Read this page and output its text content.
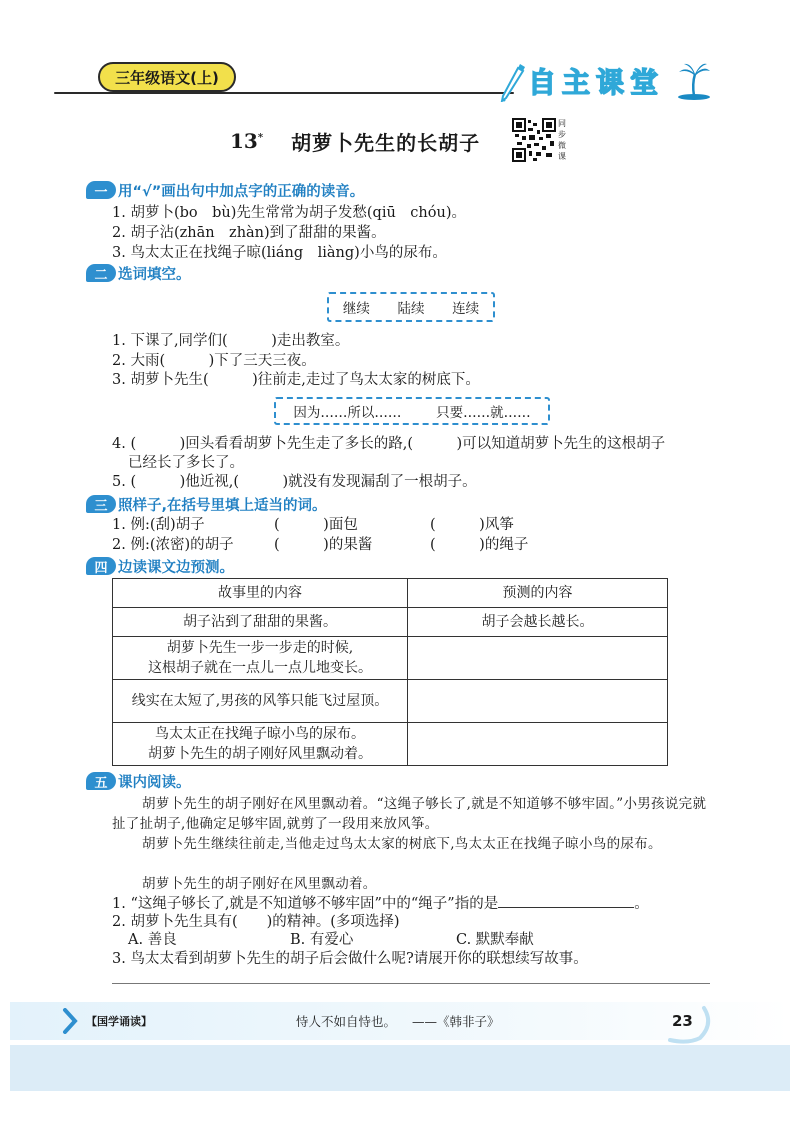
三年级语文(上)	自主课堂
13* 胡萝卜先生的长胡子
同
步
微
课
一 用“√”画出句中加点字的正确的读音。
1. 胡萝卜(bo　bù)先生常常为胡子发愁(qiū　chóu)。
2. 胡子沾(zhān　zhàn)到了甜甜的果酱。
3. 鸟太太正在找绳子晾(liáng　liàng)小鸟的尿布。
二 选词填空。
继续 陆续 连续
1. 下课了,同学们(　　　)走出教室。
2. 大雨(　　　)下了三天三夜。
3. 胡萝卜先生(　　　)往前走,走过了鸟太太家的树底下。
因为……所以……	只要……就……
4. (　　　)回头看看胡萝卜先生走了多长的路,(　　　)可以知道胡萝卜先生的这根胡子
已经长了多长了。
5. (　　　)他近视,(　　　)就没有发现漏刮了一根胡子。
三 照样子,在括号里填上适当的词。
1. 例:(刮)胡子	(　　　)面包	(　　　)风筝
2. 例:(浓密)的胡子	(　　　)的果酱	(　　　)的绳子
四 边读课文边预测。
故事里的内容	预测的内容

胡子沾到了甜甜的果酱。	胡子会越长越长。

胡萝卜先生一步一步走的时候,
这根胡子就在一点儿一点儿地变长。	

线实在太短了,男孩的风筝只能飞过屋顶。	

鸟太太正在找绳子晾小鸟的尿布。
胡萝卜先生的胡子刚好风里飘动着。	

五 课内阅读。
胡萝卜先生的胡子刚好在风里飘动着。“这绳子够长了,就是不知道够不够牢固。”小男孩说完就扯了扯胡子,他确定足够牢固,就剪了一段用来放风筝。
胡萝卜先生继续往前走,当他走过鸟太太家的树底下,鸟太太正在找绳子晾小鸟的尿布。
胡萝卜先生的胡子刚好在风里飘动着。
1. “这绳子够长了,就是不知道够不够牢固”中的“绳子”指的是	。
2. 胡萝卜先生具有(　　)的精神。(多项选择)
A. 善良	B. 有爱心	C. 默默奉献
3. 鸟太太看到胡萝卜先生的胡子后会做什么呢?请展开你的联想续写故事。
【国学诵读】	恃人不如自恃也。 ——《韩非子》	23
